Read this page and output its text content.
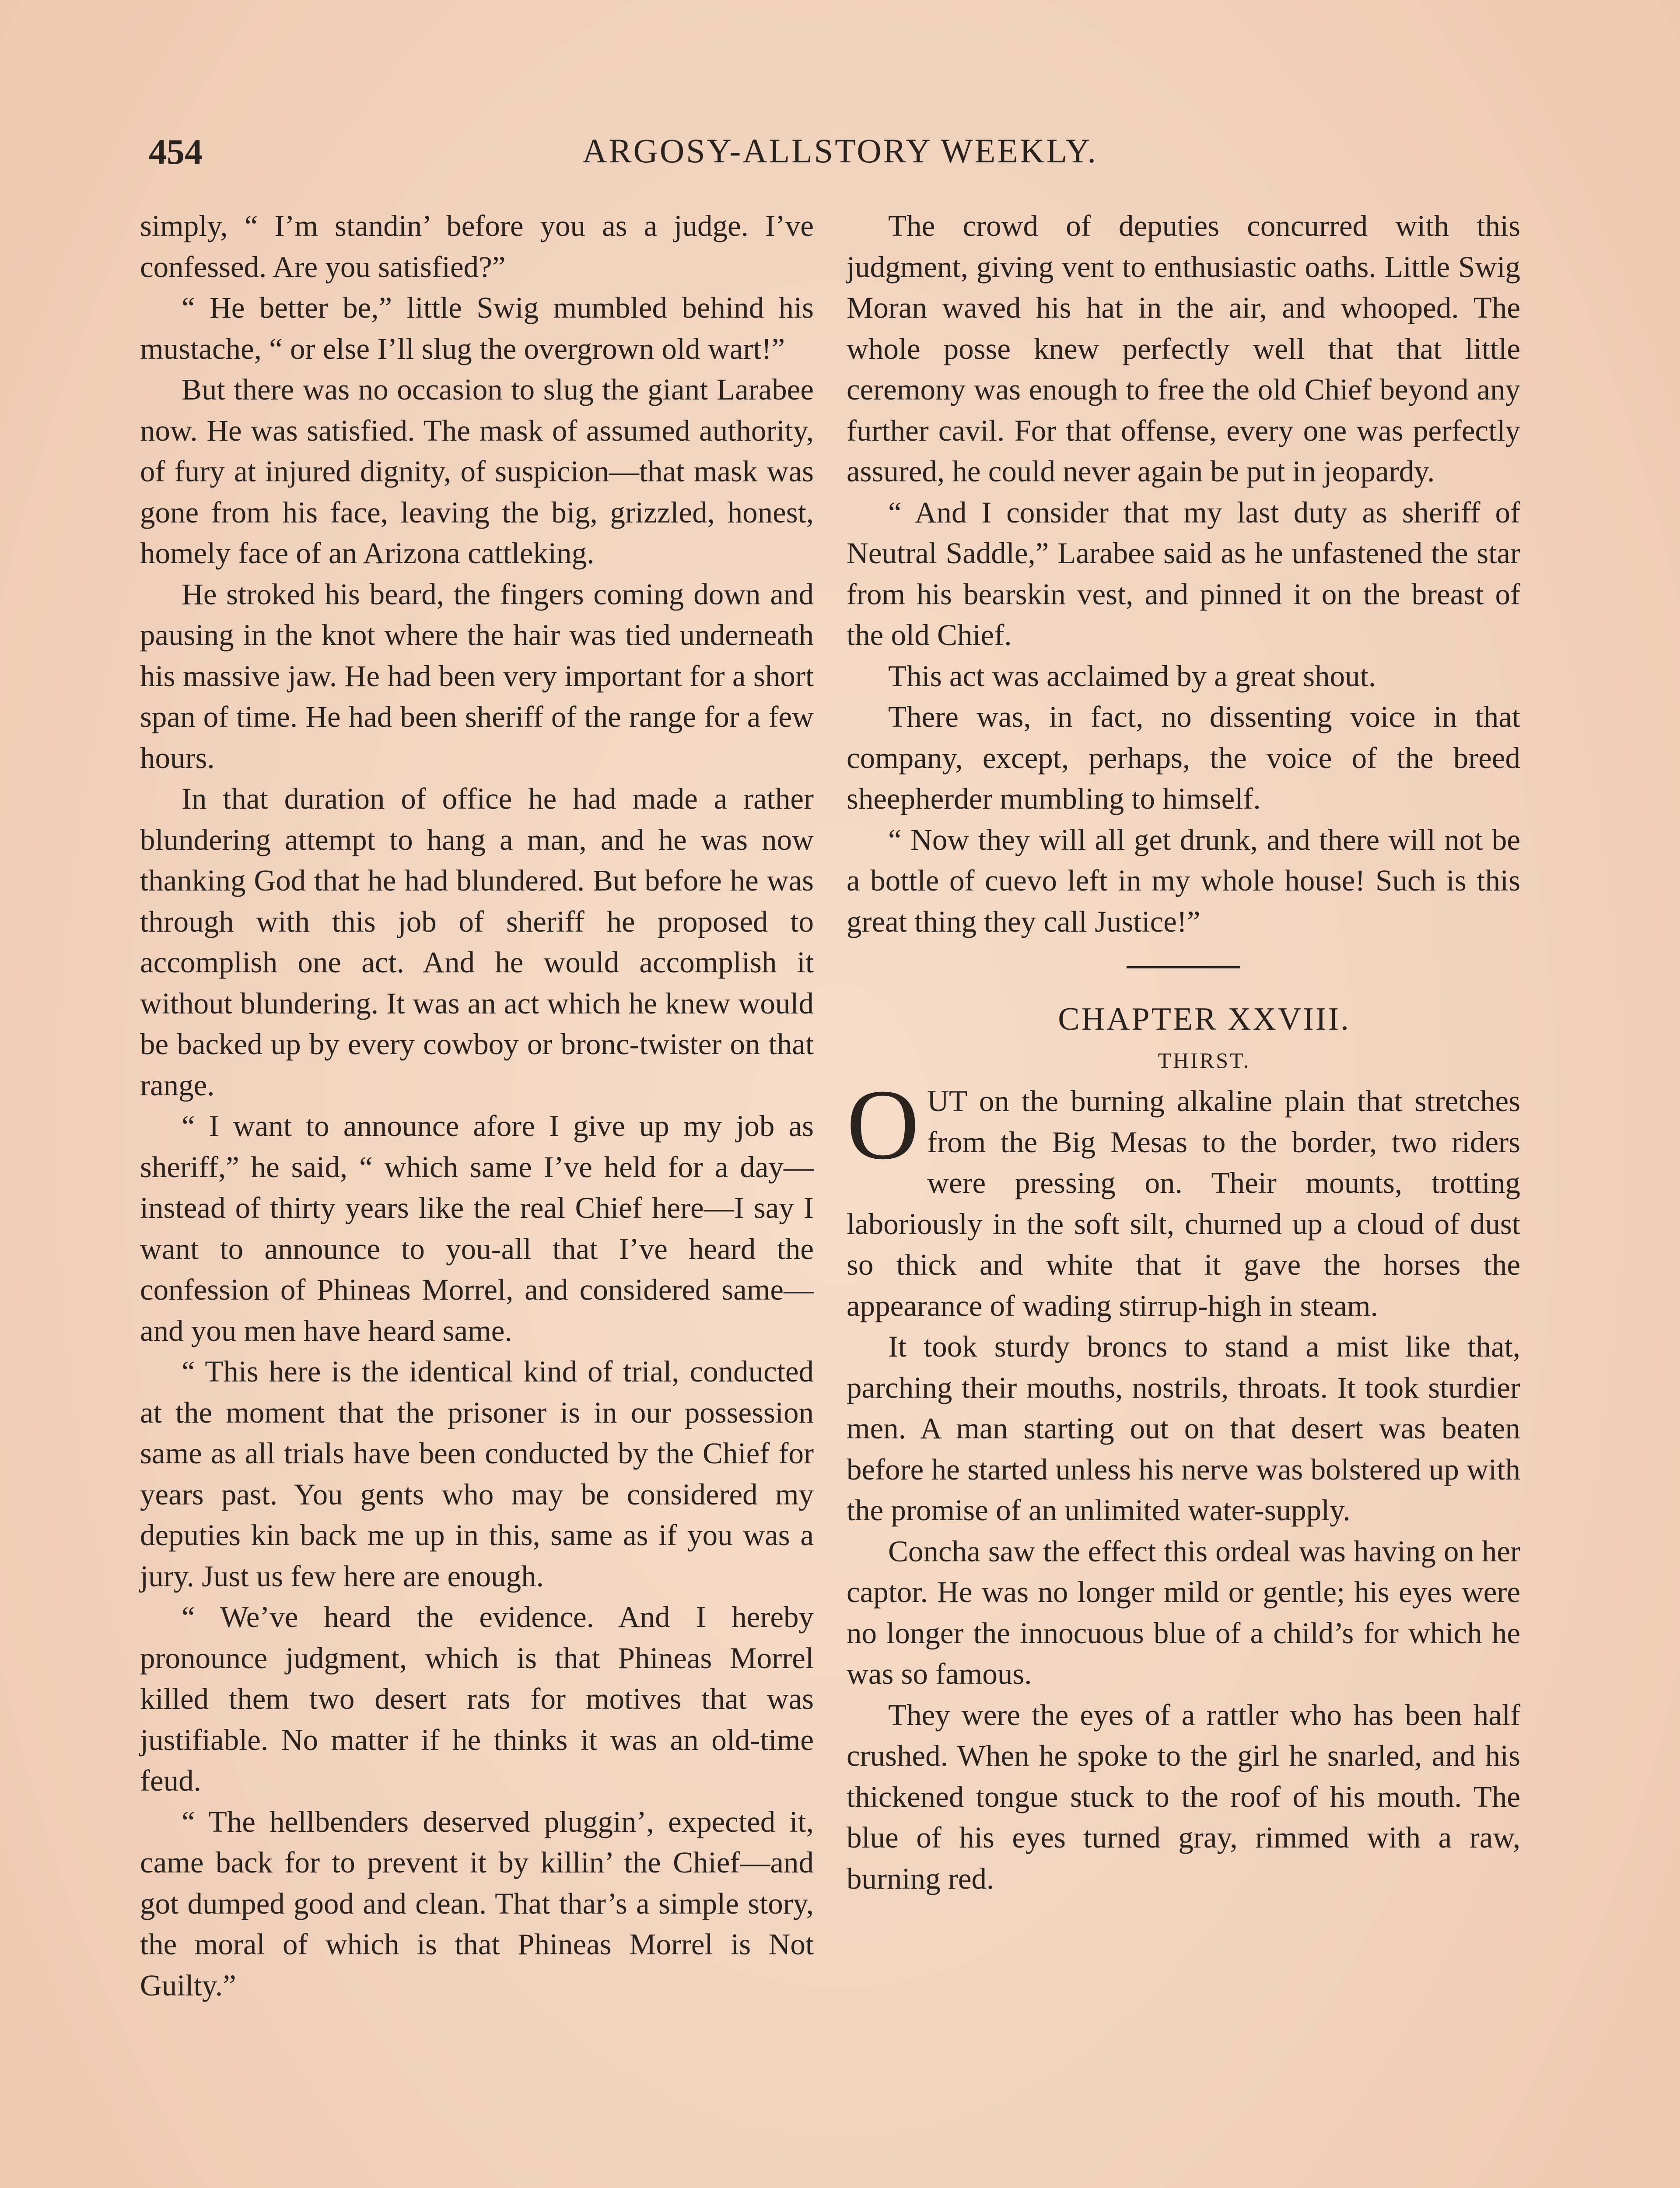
454	ARGOSY-ALLSTORY WEEKLY.

simply, “ I’m standin’ before you as a judge. I’ve confessed. Are you satisfied?”

“ He better be,” little Swig mumbled behind his mustache, “ or else I’ll slug the overgrown old wart!”

But there was no occasion to slug the giant Larabee now. He was satisfied. The mask of assumed authority, of fury at injured dignity, of suspicion—that mask was gone from his face, leaving the big, grizzled, honest, homely face of an Arizona cattleking.

He stroked his beard, the fingers coming down and pausing in the knot where the hair was tied underneath his massive jaw. He had been very important for a short span of time. He had been sheriff of the range for a few hours.

In that duration of office he had made a rather blundering attempt to hang a man, and he was now thanking God that he had blundered. But before he was through with this job of sheriff he proposed to accomplish one act. And he would accomplish it without blundering. It was an act which he knew would be backed up by every cowboy or bronc-twister on that range.

“ I want to announce afore I give up my job as sheriff,” he said, “ which same I’ve held for a day—instead of thirty years like the real Chief here—I say I want to announce to you-all that I’ve heard the confession of Phineas Morrel, and considered same—and you men have heard same.

“ This here is the identical kind of trial, conducted at the moment that the prisoner is in our possession same as all trials have been conducted by the Chief for years past. You gents who may be considered my deputies kin back me up in this, same as if you was a jury. Just us few here are enough.

“ We’ve heard the evidence. And I hereby pronounce judgment, which is that Phineas Morrel killed them two desert rats for motives that was justifiable. No matter if he thinks it was an old-time feud.

“ The hellbenders deserved pluggin’, expected it, came back for to prevent it by killin’ the Chief—and got dumped good and clean. That thar’s a simple story, the moral of which is that Phineas Morrel is Not Guilty.”

The crowd of deputies concurred with this judgment, giving vent to enthusiastic oaths. Little Swig Moran waved his hat in the air, and whooped. The whole posse knew perfectly well that that little ceremony was enough to free the old Chief beyond any further cavil. For that offense, every one was perfectly assured, he could never again be put in jeopardy.

“ And I consider that my last duty as sheriff of Neutral Saddle,” Larabee said as he unfastened the star from his bearskin vest, and pinned it on the breast of the old Chief.

This act was acclaimed by a great shout.

There was, in fact, no dissenting voice in that company, except, perhaps, the voice of the breed sheepherder mumbling to himself.

“ Now they will all get drunk, and there will not be a bottle of cuevo left in my whole house! Such is this great thing they call Justice!”

CHAPTER XXVIII.

THIRST.

OUT on the burning alkaline plain that stretches from the Big Mesas to the border, two riders were pressing on. Their mounts, trotting laboriously in the soft silt, churned up a cloud of dust so thick and white that it gave the horses the appearance of wading stirrup-high in steam.

It took sturdy broncs to stand a mist like that, parching their mouths, nostrils, throats. It took sturdier men. A man starting out on that desert was beaten before he started unless his nerve was bolstered up with the promise of an unlimited water-supply.

Concha saw the effect this ordeal was having on her captor. He was no longer mild or gentle; his eyes were no longer the innocuous blue of a child’s for which he was so famous.

They were the eyes of a rattler who has been half crushed. When he spoke to the girl he snarled, and his thickened tongue stuck to the roof of his mouth. The blue of his eyes turned gray, rimmed with a raw, burning red.
